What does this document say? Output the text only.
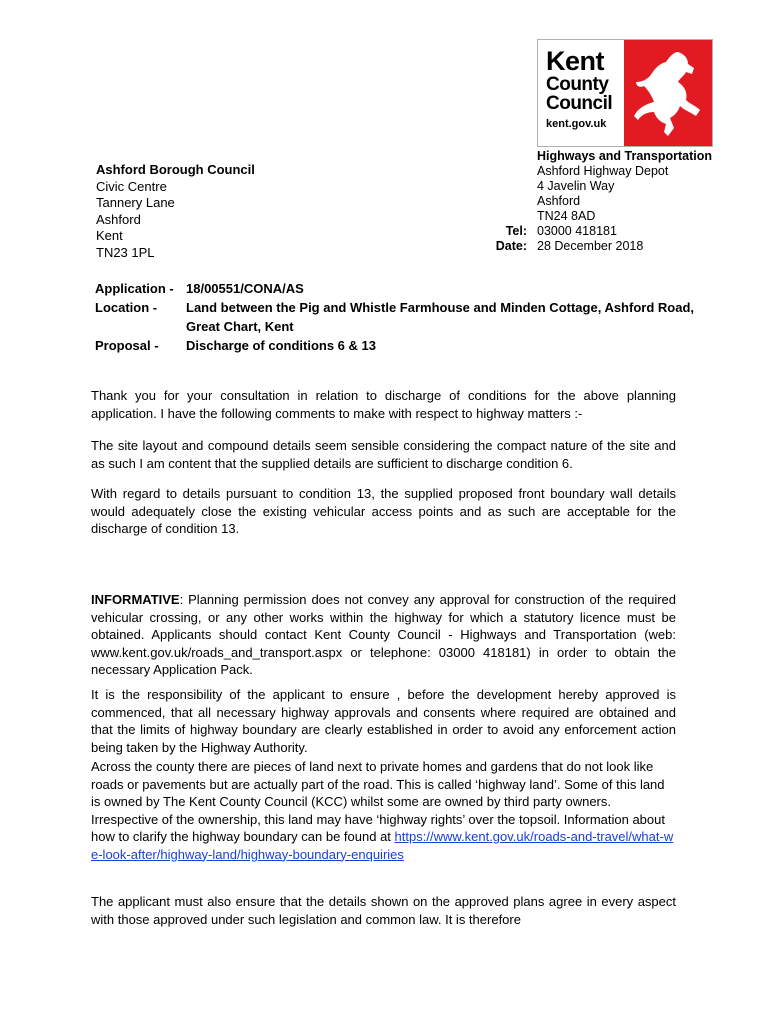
Kent
County
Council
kent.gov.uk
Ashford Borough Council
Civic Centre
Tannery Lane
Ashford
Kent
TN23 1PL
Highways and Transportation
Ashford Highway Depot
4 Javelin Way
Ashford
TN24 8AD
Tel: 03000 418181
Date: 28 December 2018
Application - 18/00551/CONA/AS
Location -	Land between the Pig and Whistle Farmhouse and Minden Cottage, Ashford Road, Great Chart, Kent
Proposal -	Discharge of conditions 6 & 13
Thank you for your consultation in relation to discharge of conditions for the above planning application. I have the following comments to make with respect to highway matters :-
The site layout and compound details seem sensible considering the compact nature of the site and as such I am content that the supplied details are sufficient to discharge condition 6.
With regard to details pursuant to condition 13, the supplied proposed front boundary wall details would adequately close the existing vehicular access points and as such are acceptable for the discharge of condition 13.
INFORMATIVE: Planning permission does not convey any approval for construction of the required vehicular crossing, or any other works within the highway for which a statutory licence must be obtained. Applicants should contact Kent County Council - Highways and Transportation (web: www.kent.gov.uk/roads_and_transport.aspx or telephone: 03000 418181) in order to obtain the necessary Application Pack.
It is the responsibility of the applicant to ensure , before the development hereby approved is commenced, that all necessary highway approvals and consents where required are obtained and that the limits of highway boundary are clearly established in order to avoid any enforcement action being taken by the Highway Authority.
Across the county there are pieces of land next to private homes and gardens that do not look like roads or pavements but are actually part of the road. This is called ‘highway land’. Some of this land is owned by The Kent County Council (KCC) whilst some are owned by third party owners. Irrespective of the ownership, this land may have ‘highway rights’ over the topsoil. Information about how to clarify the highway boundary can be found at https://www.kent.gov.uk/roads-and-travel/what-we-look-after/highway-land/highway-boundary-enquiries
The applicant must also ensure that the details shown on the approved plans agree in every aspect with those approved under such legislation and common law. It is therefore
